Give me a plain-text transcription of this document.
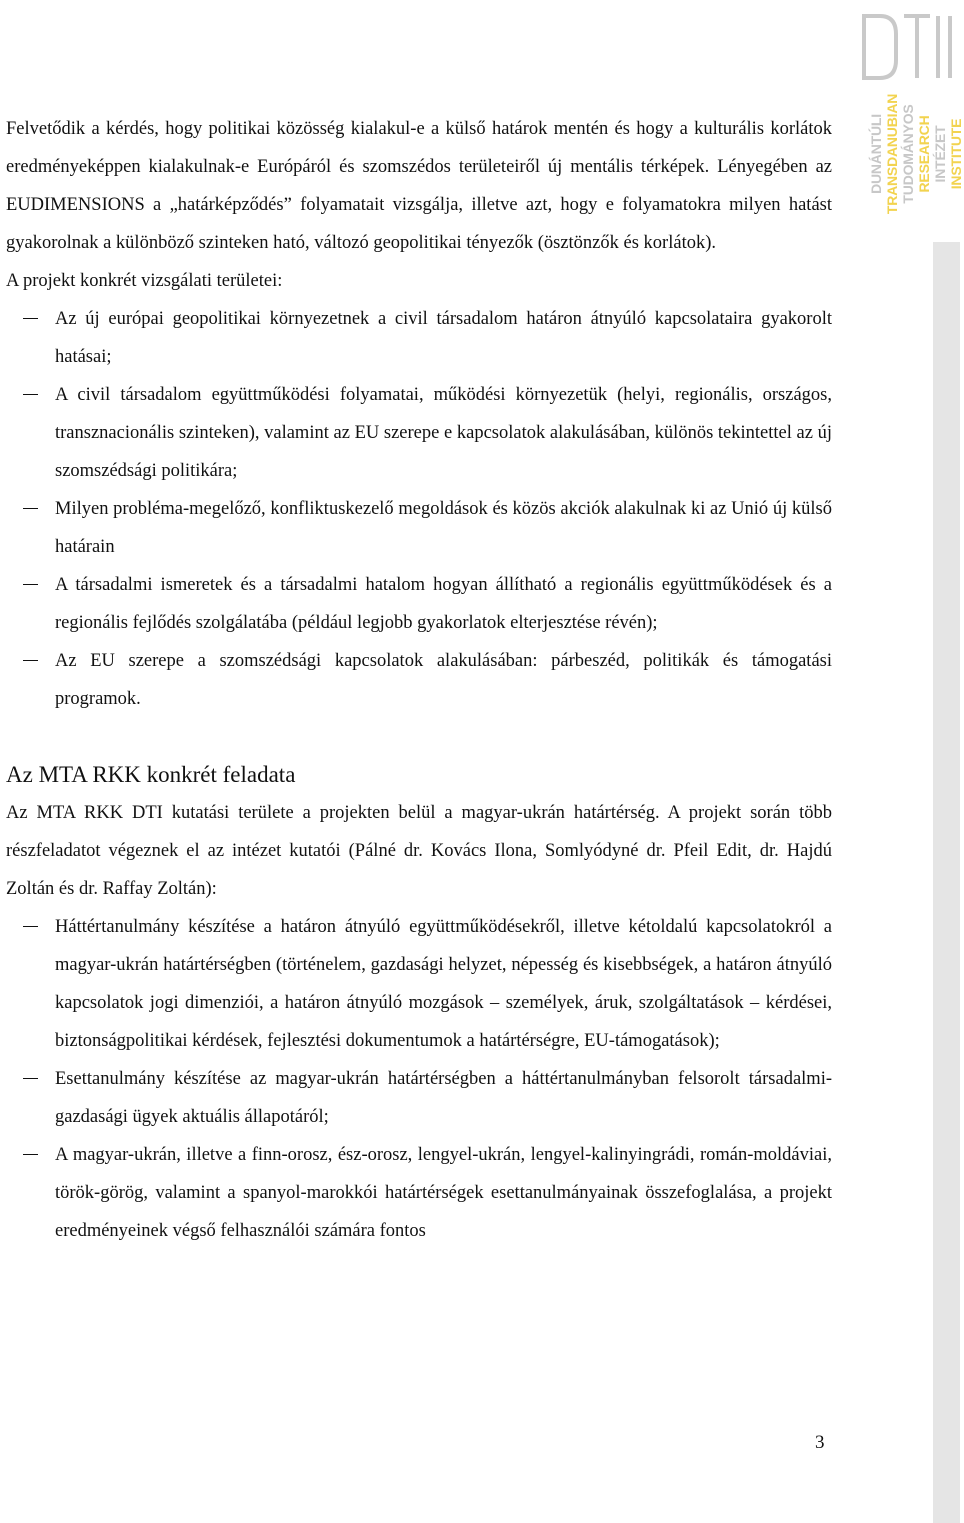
DUNÁNTÚLI TRANSDANUBIAN TUDOMÁNYOS RESEARCH INTÉZET INSTITUTE

Felvetődik a kérdés, hogy politikai közösség kialakul-e a külső határok mentén és hogy a kulturális korlátok eredményeképpen kialakulnak-e Európáról és szomszédos területeiről új mentális térképek. Lényegében az EUDIMENSIONS a „határképződés” folyamatait vizsgálja, illetve azt, hogy e folyamatokra milyen hatást gyakorolnak a különböző szinteken ható, változó geopolitikai tényezők (ösztönzők és korlátok).

A projekt konkrét vizsgálati területei:

Az új európai geopolitikai környezetnek a civil társadalom határon átnyúló kapcsolataira gyakorolt hatásai;
A civil társadalom együttműködési folyamatai, működési környezetük (helyi, regionális, országos, transznacionális szinteken), valamint az EU szerepe e kapcsolatok alakulásában, különös tekintettel az új szomszédsági politikára;
Milyen probléma-megelőző, konfliktuskezelő megoldások és közös akciók alakulnak ki az Unió új külső határain
A társadalmi ismeretek és a társadalmi hatalom hogyan állítható a regionális együttműködések és a regionális fejlődés szolgálatába (például legjobb gyakorlatok elterjesztése révén);
Az EU szerepe a szomszédsági kapcsolatok alakulásában: párbeszéd, politikák és támogatási programok.
Az MTA RKK konkrét feladata

Az MTA RKK DTI kutatási területe a projekten belül a magyar-ukrán határtérség. A projekt során több részfeladatot végeznek el az intézet kutatói (Pálné dr. Kovács Ilona, Somlyódyné dr. Pfeil Edit, dr. Hajdú Zoltán és dr. Raffay Zoltán):

Háttértanulmány készítése a határon átnyúló együttműködésekről, illetve kétoldalú kapcsolatokról a magyar-ukrán határtérségben (történelem, gazdasági helyzet, népesség és kisebbségek, a határon átnyúló kapcsolatok jogi dimenziói, a határon átnyúló mozgások – személyek, áruk, szolgáltatások – kérdései, biztonságpolitikai kérdések, fejlesztési dokumentumok a határtérségre, EU-támogatások);
Esettanulmány készítése az magyar-ukrán határtérségben a háttértanulmányban felsorolt társadalmi-gazdasági ügyek aktuális állapotáról;
A magyar-ukrán, illetve a finn-orosz, ész-orosz, lengyel-ukrán, lengyel-kalinyingrádi, román-moldáviai, török-görög, valamint a spanyol-marokkói határtérségek esettanulmányainak összefoglalása, a projekt eredményeinek végső felhasználói számára fontos
3
